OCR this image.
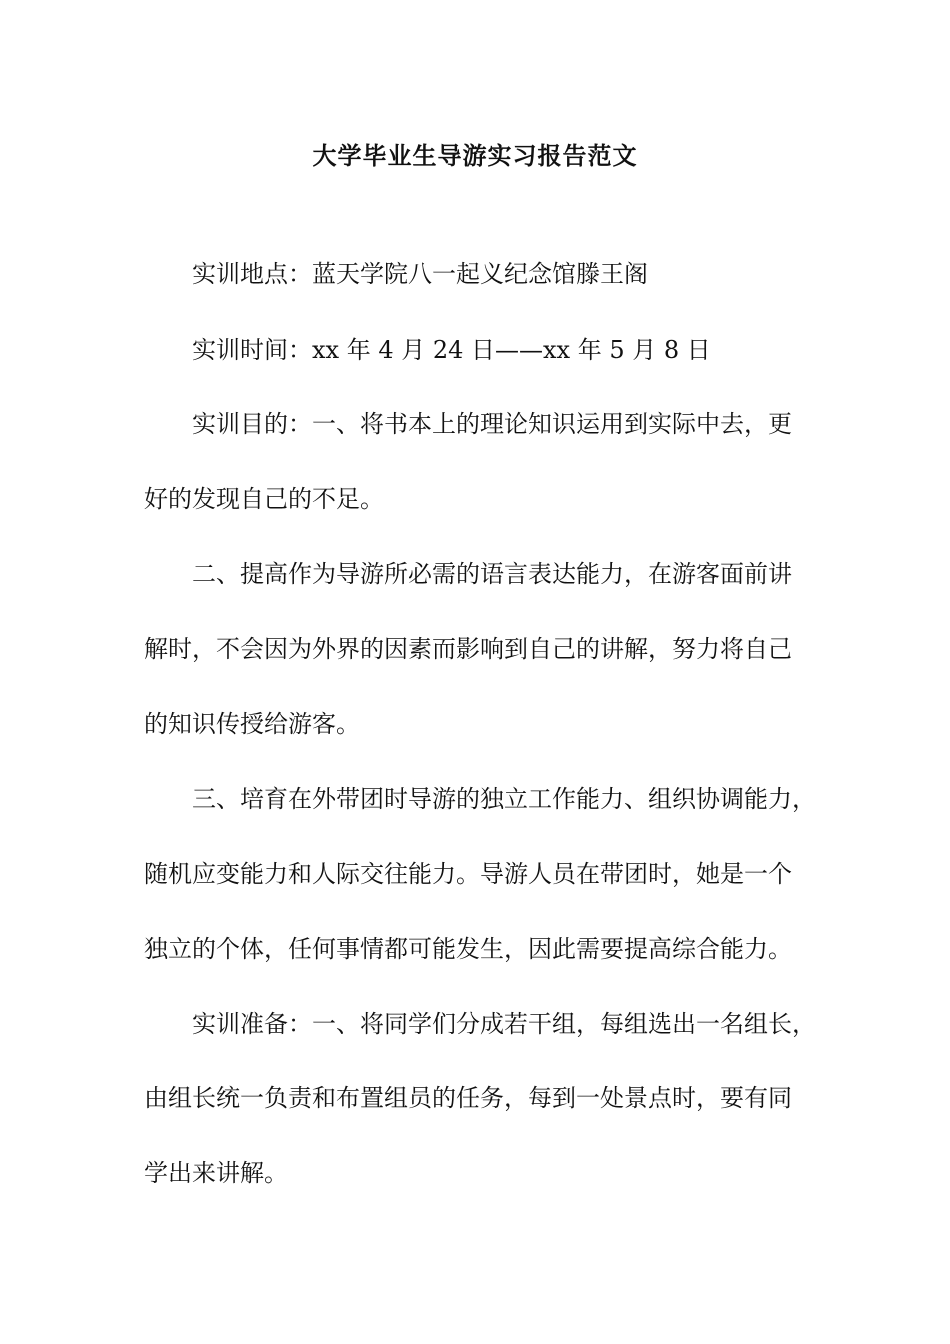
大学毕业生导游实习报告范文
实训地点：蓝天学院八一起义纪念馆滕王阁
实训时间：xx 年 4 月 24 日——xx 年 5 月 8 日
实训目的：一、将书本上的理论知识运用到实际中去，更
好的发现自己的不足。
二、提高作为导游所必需的语言表达能力，在游客面前讲
解时，不会因为外界的因素而影响到自己的讲解，努力将自己
的知识传授给游客。
三、培育在外带团时导游的独立工作能力、组织协调能力，
随机应变能力和人际交往能力。导游人员在带团时，她是一个
独立的个体，任何事情都可能发生，因此需要提高综合能力。
实训准备：一、将同学们分成若干组，每组选出一名组长，
由组长统一负责和布置组员的任务，每到一处景点时，要有同
学出来讲解。
